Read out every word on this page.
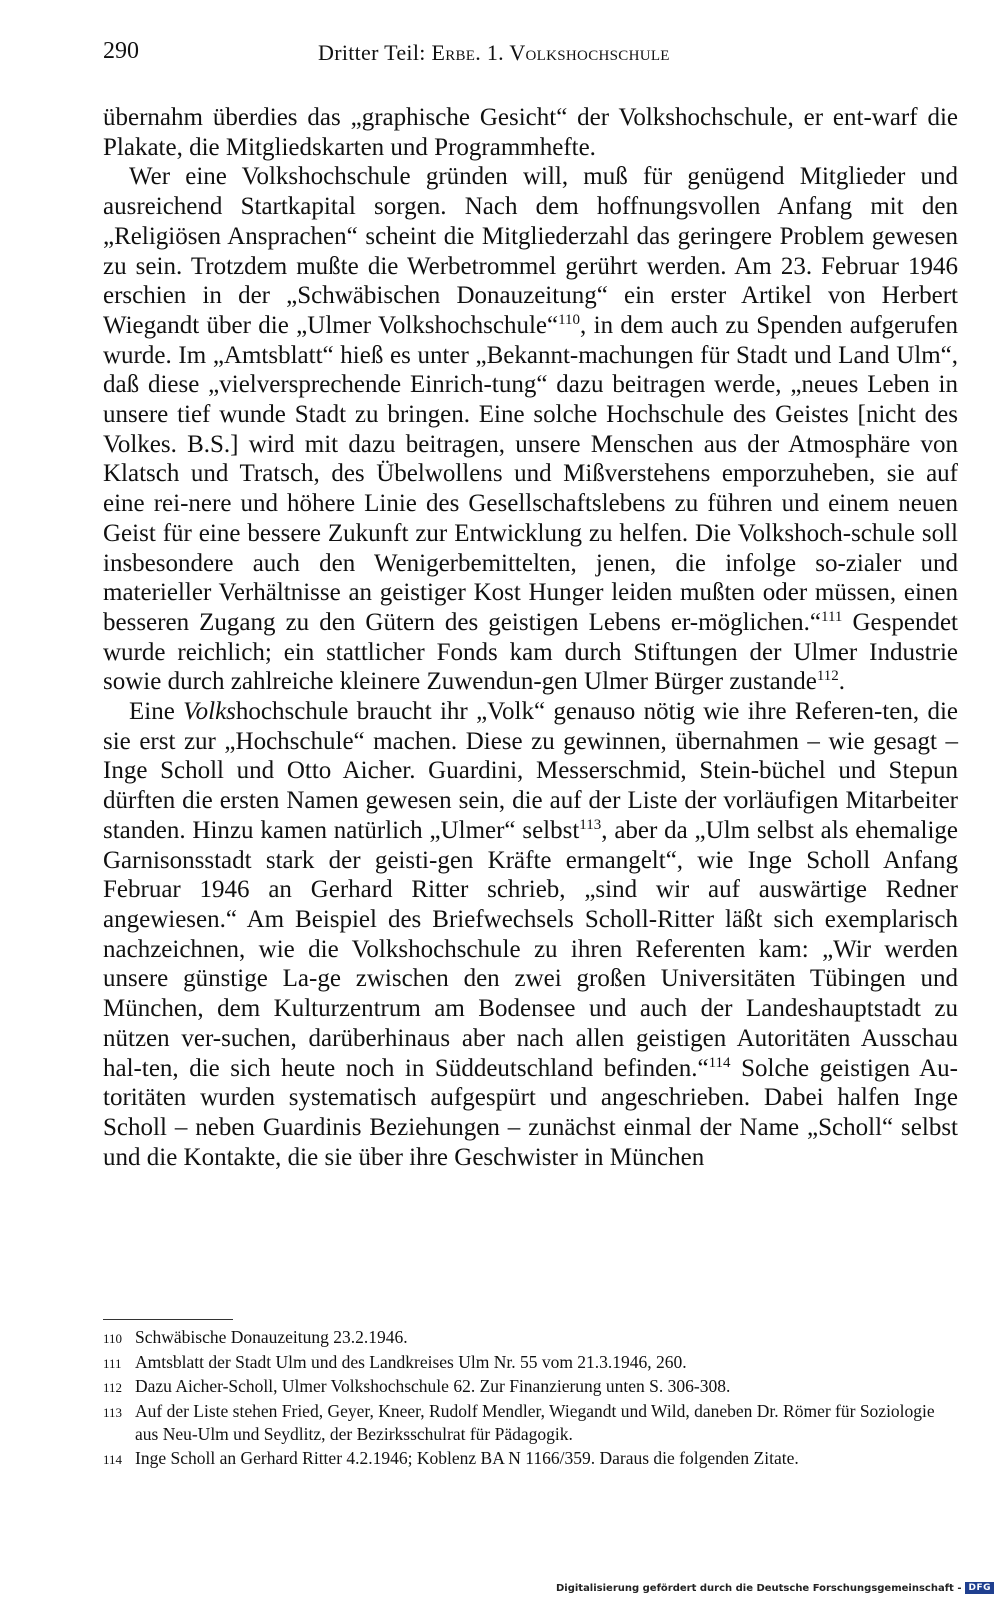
290	Dritter Teil: Erbe. 1. Volkshochschule

übernahm überdies das „graphische Gesicht“ der Volkshochschule, er ent-warf die Plakate, die Mitgliedskarten und Programmhefte.

Wer eine Volkshochschule gründen will, muß für genügend Mitglieder und ausreichend Startkapital sorgen. Nach dem hoffnungsvollen Anfang mit den „Religiösen Ansprachen“ scheint die Mitgliederzahl das geringere Problem gewesen zu sein. Trotzdem mußte die Werbetrommel gerührt werden. Am 23. Februar 1946 erschien in der „Schwäbischen Donauzeitung“ ein erster Artikel von Herbert Wiegandt über die „Ulmer Volkshochschule“$^{110}$, in dem auch zu Spenden aufgerufen wurde. Im „Amtsblatt“ hieß es unter „Bekannt-machungen für Stadt und Land Ulm“, daß diese „vielversprechende Einrich-tung“ dazu beitragen werde, „neues Leben in unsere tief wunde Stadt zu bringen. Eine solche Hochschule des Geistes [nicht des Volkes. B.S.] wird mit dazu beitragen, unsere Menschen aus der Atmosphäre von Klatsch und Tratsch, des Übelwollens und Mißverstehens emporzuheben, sie auf eine rei-nere und höhere Linie des Gesellschaftslebens zu führen und einem neuen Geist für eine bessere Zukunft zur Entwicklung zu helfen. Die Volkshoch-schule soll insbesondere auch den Wenigerbemittelten, jenen, die infolge so-zialer und materieller Verhältnisse an geistiger Kost Hunger leiden mußten oder müssen, einen besseren Zugang zu den Gütern des geistigen Lebens er-möglichen.“$^{111}$ Gespendet wurde reichlich; ein stattlicher Fonds kam durch Stiftungen der Ulmer Industrie sowie durch zahlreiche kleinere Zuwendun-gen Ulmer Bürger zustande$^{112}$.

Eine Volkshochschule braucht ihr „Volk“ genauso nötig wie ihre Referen-ten, die sie erst zur „Hochschule“ machen. Diese zu gewinnen, übernahmen – wie gesagt – Inge Scholl und Otto Aicher. Guardini, Messerschmid, Stein-büchel und Stepun dürften die ersten Namen gewesen sein, die auf der Liste der vorläufigen Mitarbeiter standen. Hinzu kamen natürlich „Ulmer“ selbst$^{113}$, aber da „Ulm selbst als ehemalige Garnisonsstadt stark der geisti-gen Kräfte ermangelt“, wie Inge Scholl Anfang Februar 1946 an Gerhard Ritter schrieb, „sind wir auf auswärtige Redner angewiesen.“ Am Beispiel des Briefwechsels Scholl-Ritter läßt sich exemplarisch nachzeichnen, wie die Volkshochschule zu ihren Referenten kam: „Wir werden unsere günstige La-ge zwischen den zwei großen Universitäten Tübingen und München, dem Kulturzentrum am Bodensee und auch der Landeshauptstadt zu nützen ver-suchen, darüberhinaus aber nach allen geistigen Autoritäten Ausschau hal-ten, die sich heute noch in Süddeutschland befinden.“$^{114}$ Solche geistigen Au-toritäten wurden systematisch aufgespürt und angeschrieben. Dabei halfen Inge Scholl – neben Guardinis Beziehungen – zunächst einmal der Name „Scholl“ selbst und die Kontakte, die sie über ihre Geschwister in München

110 Schwäbische Donauzeitung 23.2.1946.
111 Amtsblatt der Stadt Ulm und des Landkreises Ulm Nr. 55 vom 21.3.1946, 260.
112 Dazu Aicher-Scholl, Ulmer Volkshochschule 62. Zur Finanzierung unten S. 306-308.
113 Auf der Liste stehen Fried, Geyer, Kneer, Rudolf Mendler, Wiegandt und Wild, daneben Dr. Römer für Soziologie aus Neu-Ulm und Seydlitz, der Bezirksschulrat für Pädagogik.
114 Inge Scholl an Gerhard Ritter 4.2.1946; Koblenz BA N 1166/359. Daraus die folgenden Zitate.
Digitalisierung gefördert durch die Deutsche Forschungsgemeinschaft - DFG
